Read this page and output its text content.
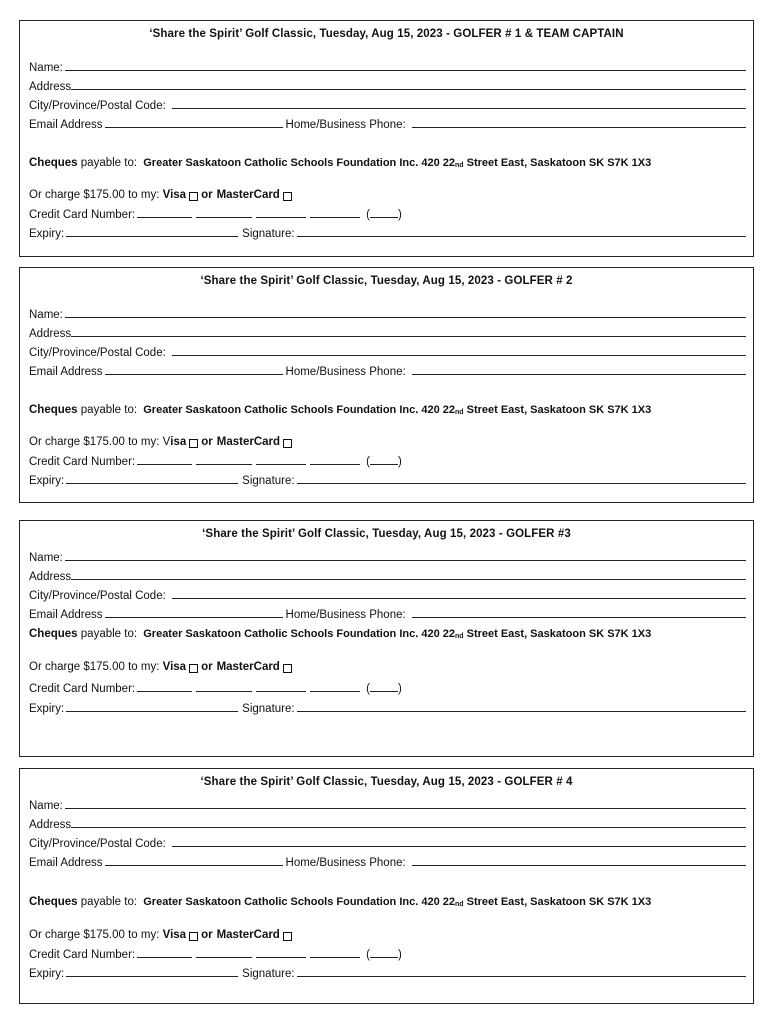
‘Share the Spirit’ Golf Classic, Tuesday, Aug 15, 2023 - GOLFER # 1 & TEAM CAPTAIN
Name:
Address
City/Province/Postal Code:
Email Address	Home/Business Phone:
Cheques payable to: Greater Saskatoon Catholic Schools Foundation Inc. 420 22 nd Street East, Saskatoon SK S7K 1X3
Or charge $175.00 to my: Visa or MasterCard
Credit Card Number:	( )
Expiry:	Signature:
‘Share the Spirit’ Golf Classic, Tuesday, Aug 15, 2023 - GOLFER # 2
Name:
Address
City/Province/Postal Code:
Email Address	Home/Business Phone:
Cheques payable to: Greater Saskatoon Catholic Schools Foundation Inc. 420 22 nd Street East, Saskatoon SK S7K 1X3
Or charge $175.00 to my: V isa or MasterCard
Credit Card Number:	( )
Expiry:	Signature:
‘Share the Spirit’ Golf Classic, Tuesday, Aug 15, 2023 - GOLFER #3
Name:
Address
City/Province/Postal Code:
Email Address	Home/Business Phone:
Cheques payable to: Greater Saskatoon Catholic Schools Foundation Inc. 420 22 nd Street East, Saskatoon SK S7K 1X3
Or charge $175.00 to my: Visa or MasterCard
Credit Card Number:	( )
Expiry:	Signature:
‘Share the Spirit’ Golf Classic, Tuesday, Aug 15, 2023 - GOLFER # 4
Name:
Address
City/Province/Postal Code:
Email Address	Home/Business Phone:
Cheques payable to: Greater Saskatoon Catholic Schools Foundation Inc. 420 22 nd Street East, Saskatoon SK S7K 1X3
Or charge $175.00 to my: Visa or MasterCard
Credit Card Number:	( )
Expiry:	Signature:
